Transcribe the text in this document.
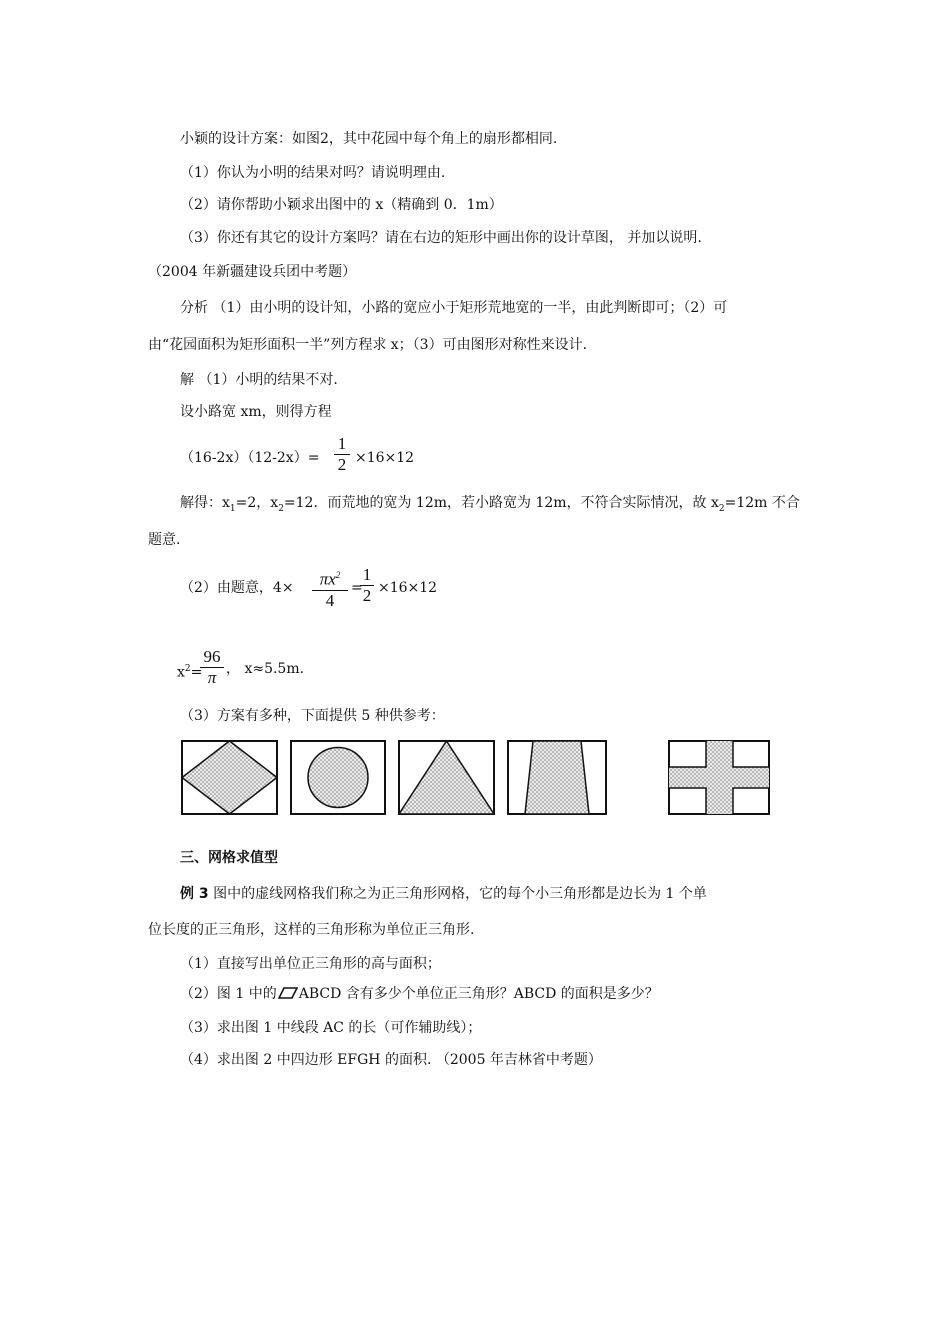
小颖的设计方案：如图2，其中花园中每个角上的扇形都相同.
（1）你认为小明的结果对吗？请说明理由.
（2）请你帮助小颖求出图中的 x（精确到 0．1m）
（3）你还有其它的设计方案吗？请在右边的矩形中画出你的设计草图， 并加以说明.
（2004 年新疆建设兵团中考题）
分析 （1）由小明的设计知，小路的宽应小于矩形荒地宽的一半，由此判断即可；（2）可
由“花园面积为矩形面积一半”列方程求 x；（3）可由图形对称性来设计.
解 （1）小明的结果不对.
设小路宽 xm，则得方程
（16-2x）（12-2x）=
1
2 ×16×12
解得：$x_1=2$，$x_2=12$．而荒地的宽为 12m，若小路宽为 12m，不符合实际情况，故 $x_2=12m$ 不合
题意.
（2）由题意，4×	$\pi x^2$
4
=
1
2 ×16×12
$x^2=$
96
π ， x≈5.5m.
（3）方案有多种，下面提供 5 种供参考：
三、网格求值型
例 3 图中的虚线网格我们称之为正三角形网格，它的每个小三角形都是边长为 1 个单
位长度的正三角形，这样的三角形称为单位正三角形.
（1）直接写出单位正三角形的高与面积；
（2）图 1 中的 ABCD 含有多少个单位正三角形？ABCD 的面积是多少？
（3）求出图 1 中线段 AC 的长（可作辅助线）；
（4）求出图 2 中四边形 EFGH 的面积. （2005 年吉林省中考题）
